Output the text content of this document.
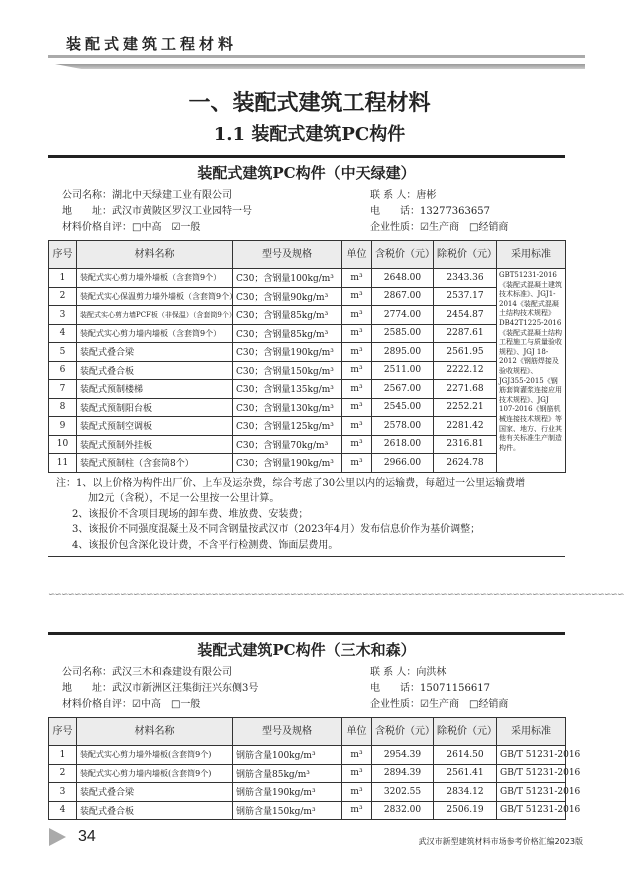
装配式建筑工程材料
一、装配式建筑工程材料
1.1 装配式建筑PC构件
装配式建筑PC构件（中天绿建）
公司名称：湖北中天绿建工业有限公司
地　　址：武汉市黄陂区罗汉工业园特一号
材料价格自评：□中高　☑一般
联 系 人：唐彬
电　　话：13277363657
企业性质：☑生产商　□经销商
序号	材料名称	型号及规格	单位	含税价（元）	除税价（元）	采用标准
1	装配式实心剪力墙外墙板（含套筒9个）	C30；含钢量100kg/m³	m³	2648.00	2343.36	GBT51231-2016《装配式混凝土建筑技术标准》、JGJ1-2014《装配式混凝土结构技术规程》DB42T1225-2016《装配式混凝土结构工程施工与质量验收规程》、JGJ 18-2012《钢筋焊接及验收规程》、JGJ355-2015《钢筋套筒灌浆连接应用技术规程》、JGJ 107-2016《钢筋机械连接技术规程》等国家、地方、行业其他有关标准生产制造构件。
2	装配式实心保温剪力墙外墙板（含套筒9个）	C30；含钢量90kg/m³	m³	2867.00	2537.17	
3	装配式实心剪力墙PCF板（非保温）（含套筒9个）	C30；含钢量85kg/m³	m³	2774.00	2454.87	
4	装配式实心剪力墙内墙板（含套筒9个）	C30；含钢量85kg/m³	m³	2585.00	2287.61	
5	装配式叠合梁	C30；含钢量190kg/m³	m³	2895.00	2561.95	
6	装配式叠合板	C30；含钢量150kg/m³	m³	2511.00	2222.12	
7	装配式预制楼梯	C30；含钢量135kg/m³	m³	2567.00	2271.68	
8	装配式预制阳台板	C30；含钢量130kg/m³	m³	2545.00	2252.21	
9	装配式预制空调板	C30；含钢量125kg/m³	m³	2578.00	2281.42	
10	装配式预制外挂板	C30；含钢量70kg/m³	m³	2618.00	2316.81	
11	装配式预制柱（含套筒8个）	C30；含钢量190kg/m³	m³	2966.00	2624.78	
注：1、以上价格为构件出厂价、上车及运杂费，综合考虑了30公里以内的运输费，每超过一公里运输费增
加2元（含税），不足一公里按一公里计算。
2、该报价不含项目现场的卸车费、堆放费、安装费；
3、该报价不同强度混凝土及不同含钢量按武汉市（2023年4月）发布信息价作为基价调整；
4、该报价包含深化设计费，不含平行检测费、饰面层费用。
∽∽∽∽∽∽∽∽∽∽∽∽∽∽∽∽∽∽∽∽∽∽∽∽∽∽∽∽∽∽∽∽∽∽∽∽∽∽∽∽∽∽∽∽∽∽∽∽∽∽∽∽∽∽∽∽∽∽∽∽∽∽∽∽∽∽∽∽∽∽∽∽∽∽∽∽∽∽∽∽∽∽∽∽∽∽∽∽
装配式建筑PC构件（三木和森）
公司名称：武汉三木和森建设有限公司
地　　址：武汉市新洲区汪集街汪兴东侧3号
材料价格自评：☑中高　□一般
联 系 人：向洪林
电　　话：15071156617
企业性质：☑生产商　□经销商
序号	材料名称	型号及规格	单位	含税价（元）	除税价（元）	采用标准
1	装配式实心剪力墙外墙板(含套筒9个)	钢筋含量100kg/m³	m³	2954.39	2614.50	GB/T 51231-2016
2	装配式实心剪力墙内墙板(含套筒9个)	钢筋含量85kg/m³	m³	2894.39	2561.41	GB/T 51231-2016
3	装配式叠合梁	钢筋含量190kg/m³	m³	3202.55	2834.12	GB/T 51231-2016
4	装配式叠合板	钢筋含量150kg/m³	m³	2832.00	2506.19	GB/T 51231-2016
34	武汉市新型建筑材料市场参考价格汇编2023版
